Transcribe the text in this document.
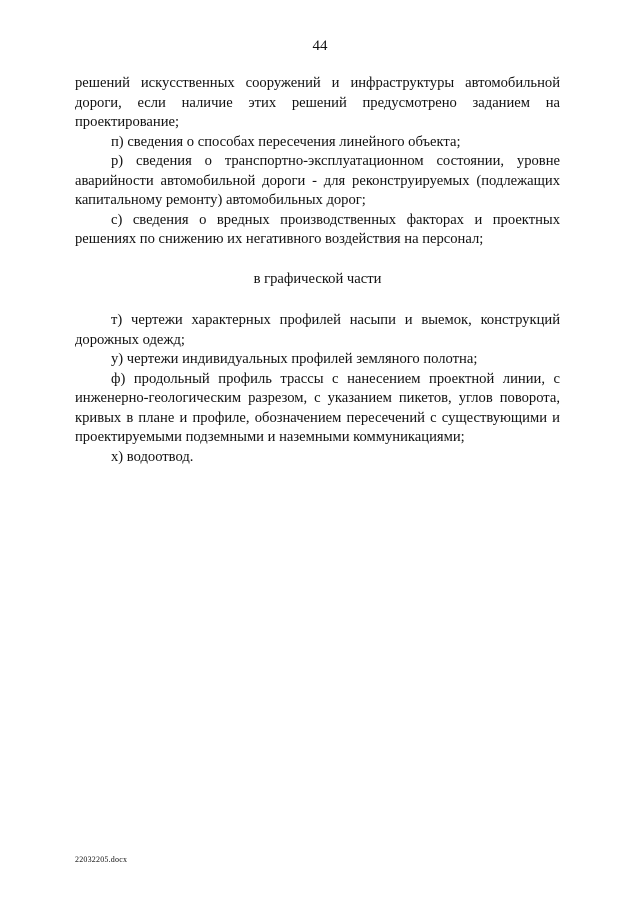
44

решений искусственных сооружений и инфраструктуры автомобильной дороги, если наличие этих решений предусмотрено заданием на проектирование;

п) сведения о способах пересечения линейного объекта;

р) сведения о транспортно-эксплуатационном состоянии, уровне аварийности автомобильной дороги - для реконструируемых (подлежащих капитальному ремонту) автомобильных дорог;

с) сведения о вредных производственных факторах и проектных решениях по снижению их негативного воздействия на персонал;

в графической части

т) чертежи характерных профилей насыпи и выемок, конструкций дорожных одежд;

у) чертежи индивидуальных профилей земляного полотна;

ф) продольный профиль трассы с нанесением проектной линии, с инженерно-геологическим разрезом, с указанием пикетов, углов поворота, кривых в плане и профиле, обозначением пересечений с существующими и проектируемыми подземными и наземными коммуникациями;

х) водоотвод.

22032205.docx
